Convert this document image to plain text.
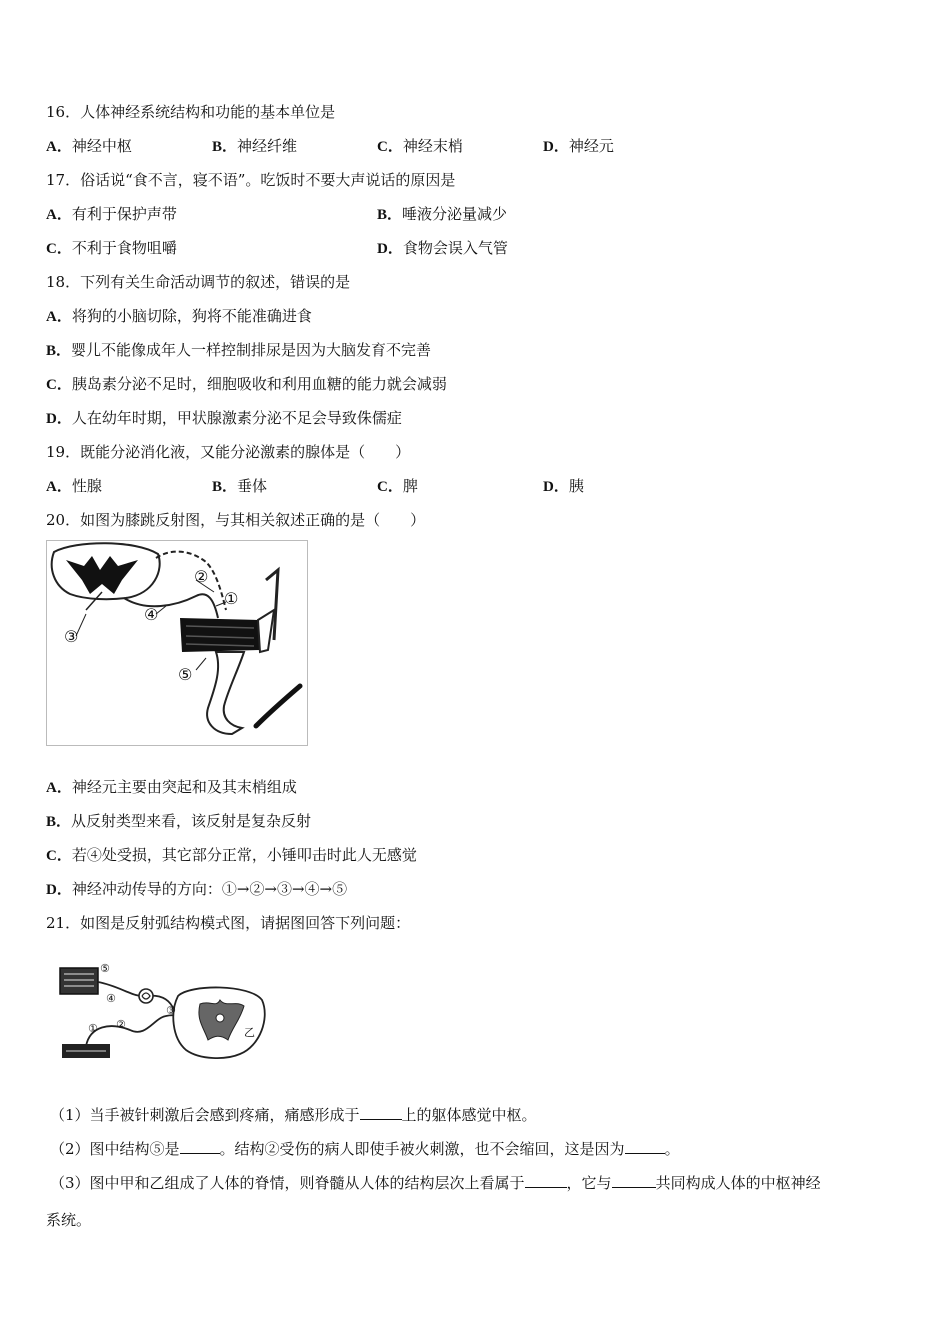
16．人体神经系统结构和功能的基本单位是
A．神经中枢	B．神经纤维	C．神经末梢	D．神经元
17．俗话说“食不言，寝不语”。吃饭时不要大声说话的原因是
A．有利于保护声带	B．唾液分泌量减少
C．不利于食物咀嚼	D．食物会误入气管
18．下列有关生命活动调节的叙述，错误的是
A．将狗的小脑切除，狗将不能准确进食
B．婴儿不能像成年人一样控制排尿是因为大脑发育不完善
C．胰岛素分泌不足时，细胞吸收和利用血糖的能力就会减弱
D．人在幼年时期，甲状腺激素分泌不足会导致侏儒症
19．既能分泌消化液，又能分泌激素的腺体是（　　）
A．性腺	B．垂体	C．脾	D．胰
20．如图为膝跳反射图，与其相关叙述正确的是（　　）
②
①
③
④
⑤
A．神经元主要由突起和及其末梢组成
B．从反射类型来看，该反射是复杂反射
C．若④处受损，其它部分正常，小锤叩击时此人无感觉
D．神经冲动传导的方向：①→②→③→④→⑤
21．如图是反射弧结构模式图，请据图回答下列问题：
⑤
④
① ②
③
乙
（1）当手被针刺激后会感到疼痛，痛感形成于	上的躯体感觉中枢。
（2）图中结构⑤是	。结构②受伤的病人即使手被火刺激，也不会缩回，这是因为	。
（3）图中甲和乙组成了人体的脊情，则脊髓从人体的结构层次上看属于	，它与	共同构成人体的中枢神经
系统。
